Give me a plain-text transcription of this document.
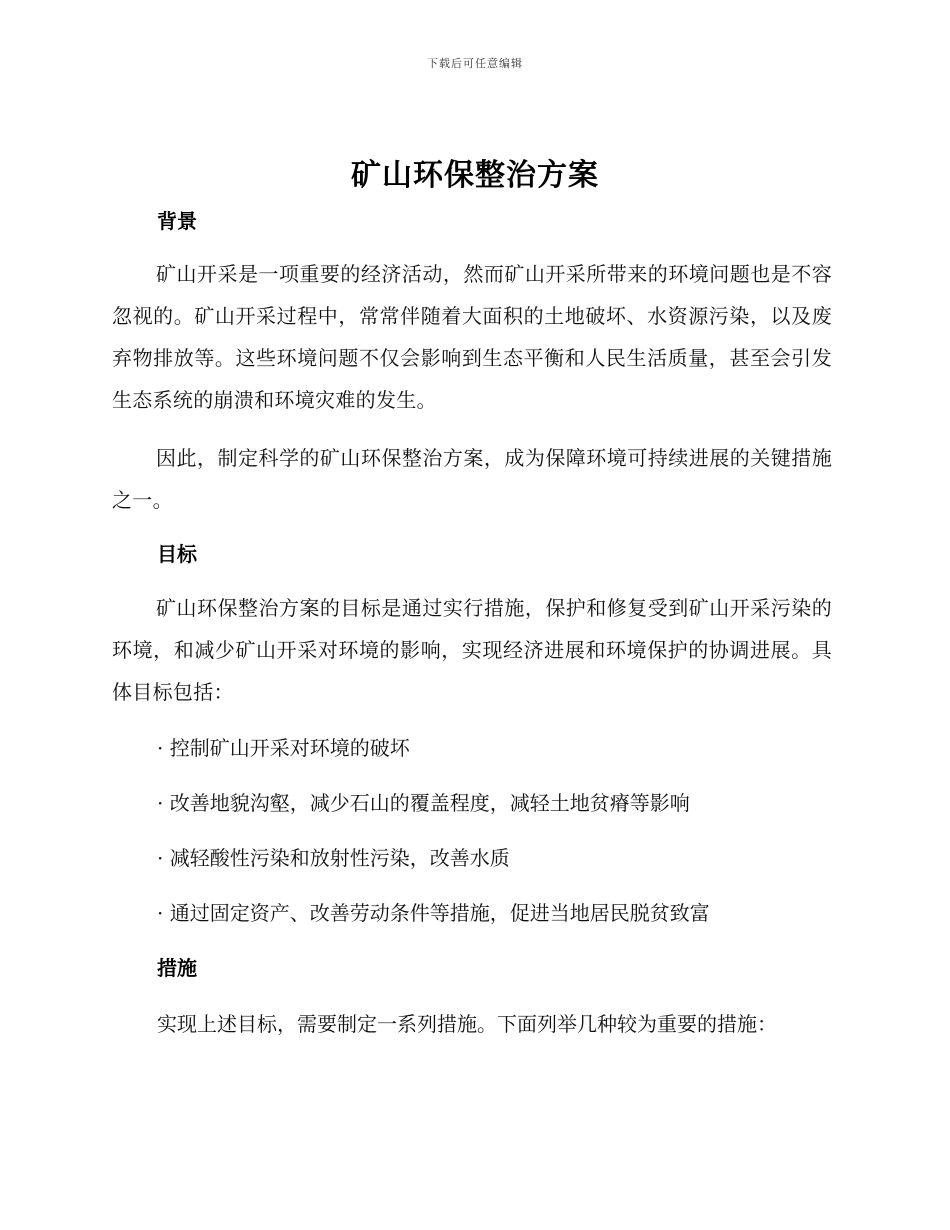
下载后可任意编辑
矿山环保整治方案
背景

矿山开采是一项重要的经济活动，然而矿山开采所带来的环境问题也是不容忽视的。矿山开采过程中，常常伴随着大面积的土地破坏、水资源污染，以及废弃物排放等。这些环境问题不仅会影响到生态平衡和人民生活质量，甚至会引发生态系统的崩溃和环境灾难的发生。

因此，制定科学的矿山环保整治方案，成为保障环境可持续进展的关键措施之一。

目标

矿山环保整治方案的目标是通过实行措施，保护和修复受到矿山开采污染的环境，和减少矿山开采对环境的影响，实现经济进展和环境保护的协调进展。具体目标包括：

· 控制矿山开采对环境的破坏
· 改善地貌沟壑，减少石山的覆盖程度，减轻土地贫瘠等影响
· 减轻酸性污染和放射性污染，改善水质
· 通过固定资产、改善劳动条件等措施，促进当地居民脱贫致富
措施
实现上述目标，需要制定一系列措施。下面列举几种较为重要的措施：
